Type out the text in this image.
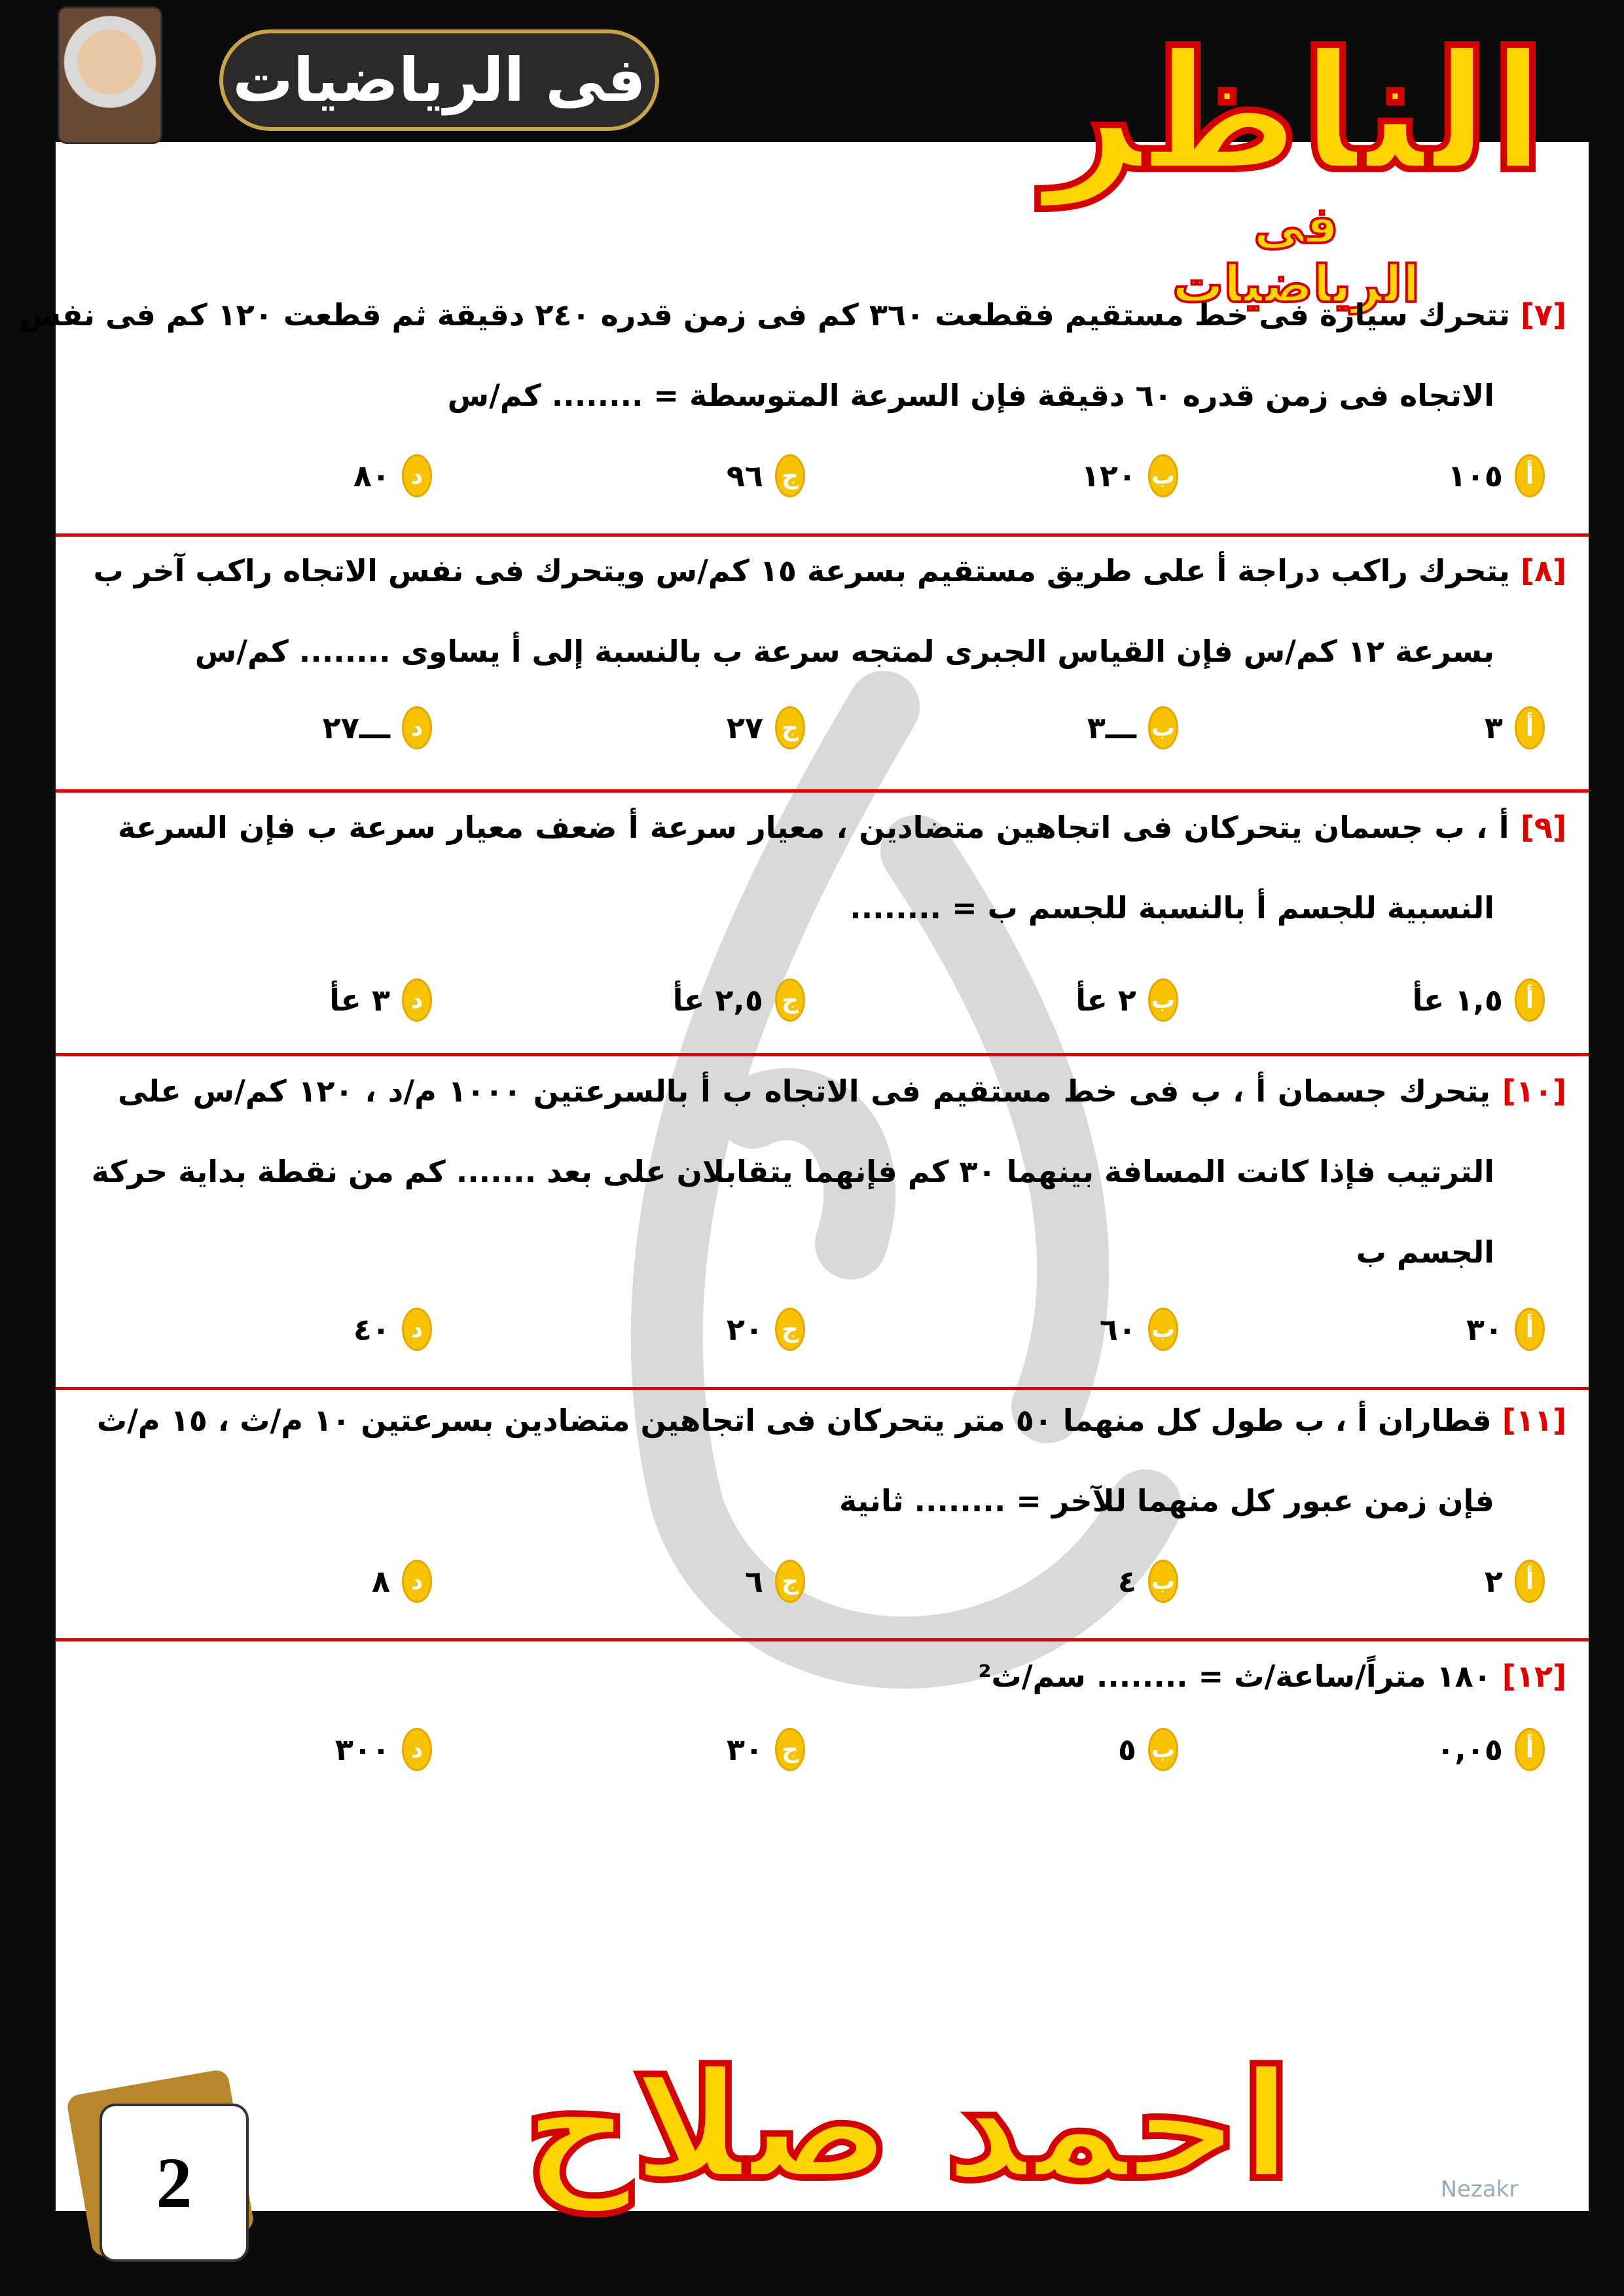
فى الرياضيات الناظر
فى الرياضيات
[٧] تتحرك سيارة فى خط مستقيم فقطعت ٣٦٠ كم فى زمن قدره ٢٤٠ دقيقة ثم قطعت ١٢٠ كم فى نفس
الاتجاه فى زمن قدره ٦٠ دقيقة فإن السرعة المتوسطة = ........ كم/س
أ
١٠٥
ب
١٢٠
ج
٩٦
د
٨٠
[٨] يتحرك راكب دراجة أ على طريق مستقيم بسرعة ١٥ كم/س ويتحرك فى نفس الاتجاه راكب آخر ب
بسرعة ١٢ كم/س فإن القياس الجبرى لمتجه سرعة ب بالنسبة إلى أ يساوى ........ كم/س
أ
٣
ب
ـــ٣
ج
٢٧
د
ـــ٢٧
[٩] أ ، ب جسمان يتحركان فى اتجاهين متضادين ، معيار سرعة أ ضعف معيار سرعة ب فإن السرعة
النسبية للجسم أ بالنسبة للجسم ب = ........
أ
١,٥ عأ
ب
٢ عأ
ج
٢,٥ عأ
د
٣ عأ
[١٠] يتحرك جسمان أ ، ب فى خط مستقيم فى الاتجاه ب أ بالسرعتين ١٠٠٠ م/د ، ١٢٠ كم/س على
الترتيب فإذا كانت المسافة بينهما ٣٠ كم فإنهما يتقابلان على بعد ....... كم من نقطة بداية حركة
الجسم ب
أ
٣٠
ب
٦٠
ج
٢٠
د
٤٠
[١١] قطاران أ ، ب طول كل منهما ٥٠ متر يتحركان فى اتجاهين متضادين بسرعتين ١٠ م/ث ، ١٥ م/ث
فإن زمن عبور كل منهما للآخر = ........ ثانية
أ
٢
ب
٤
ج
٦
د
٨
[١٢] ١٨٠ متراً/ساعة/ث = ........ سم/ث²
أ
٠,٠٥
ب
٥
ج
٣٠
د
٣٠٠
2	احمد صلاح	Nezakr
